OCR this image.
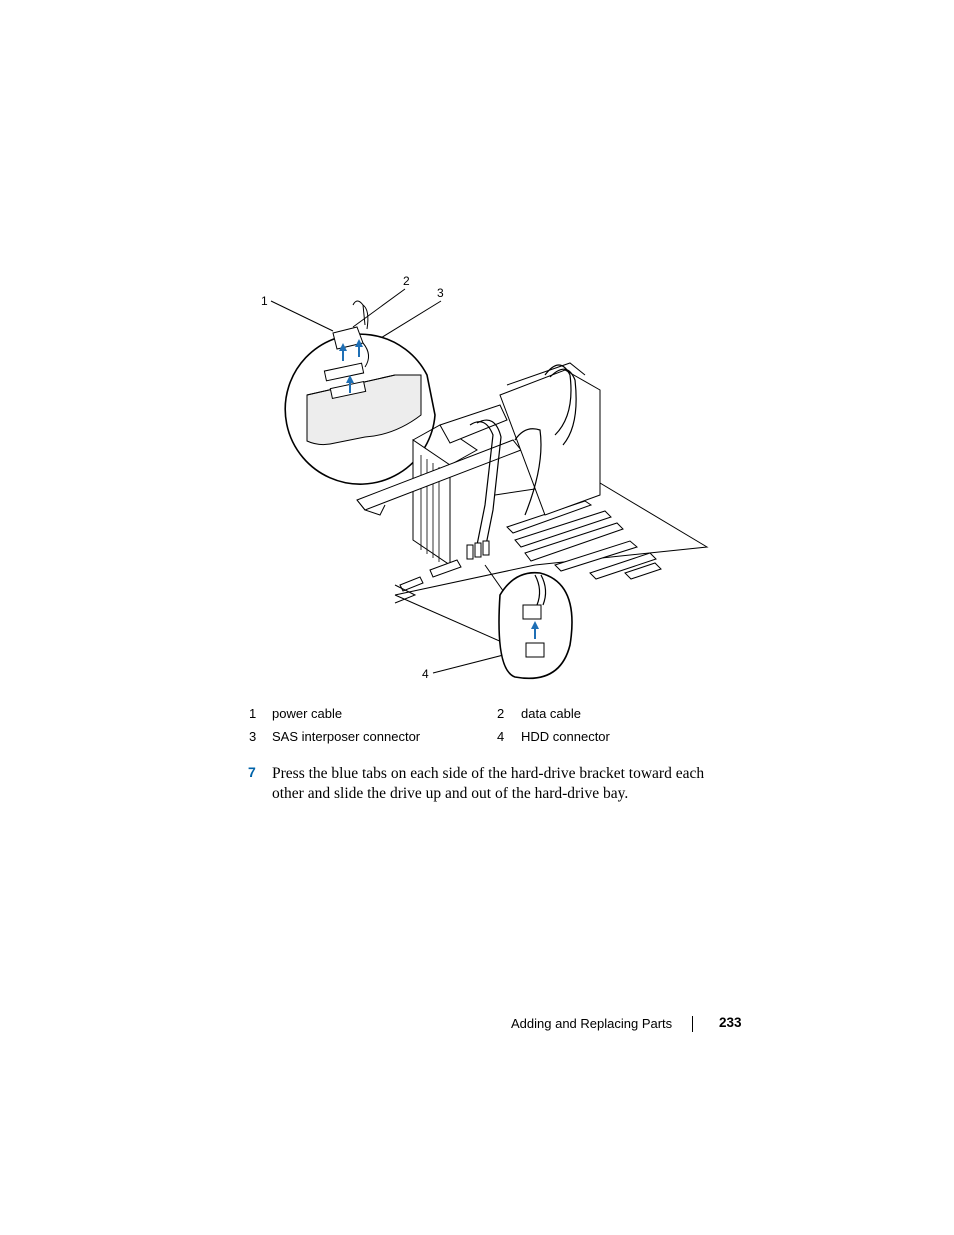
1
2
3
4
1 power cable	2 data cable
3 SAS interposer connector	4 HDD connector
7 Press the blue tabs on each side of the hard-drive bracket toward each other and slide the drive up and out of the hard-drive bay.
Adding and Replacing Parts	233
